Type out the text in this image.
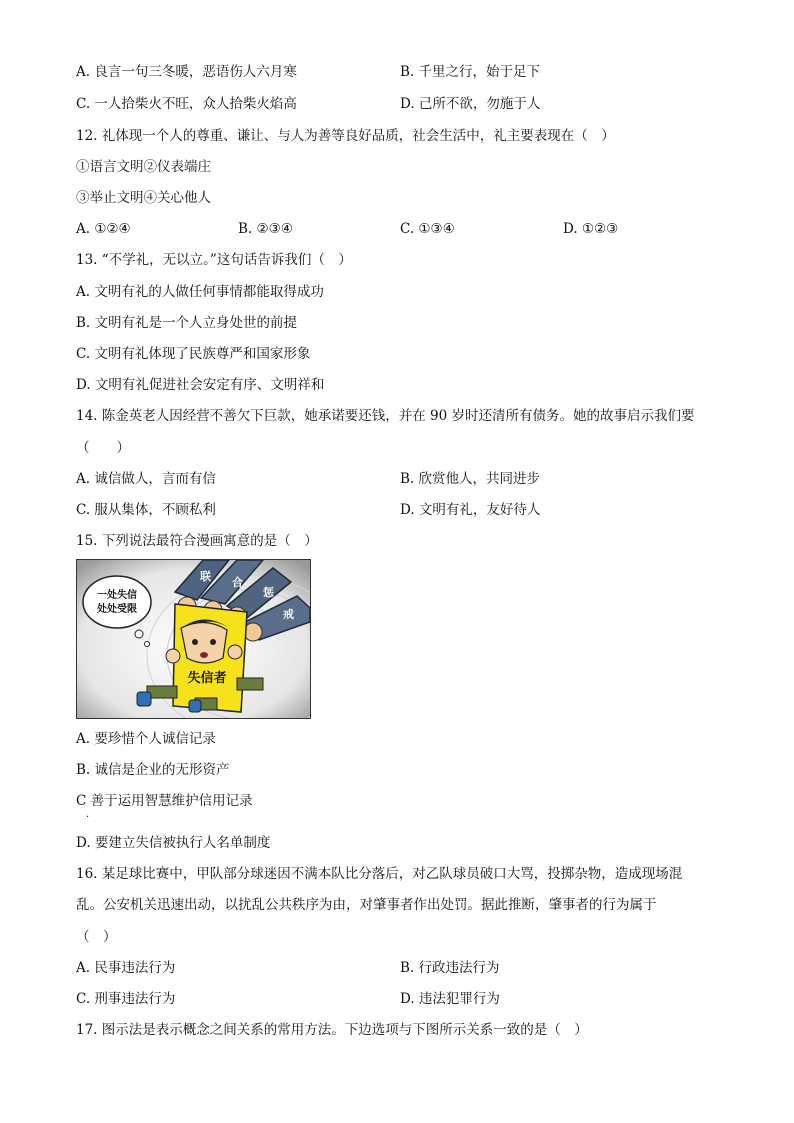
A. 良言一句三冬暖，恶语伤人六月寒	B. 千里之行，始于足下
C. 一人拾柴火不旺，众人拾柴火焰高	D. 己所不欲，勿施于人
12. 礼体现一个人的尊重、谦让、与人为善等良好品质，社会生活中，礼主要表现在（　）
①语言文明②仪表端庄
③举止文明④关心他人
A. ①②④	B. ②③④	C. ①③④	D. ①②③
13. “不学礼，无以立。”这句话告诉我们（　）
A. 文明有礼的人做任何事情都能取得成功
B. 文明有礼是一个人立身处世的前提
C. 文明有礼体现了民族尊严和国家形象
D. 文明有礼促进社会安定有序、文明祥和
14. 陈金英老人因经营不善欠下巨款，她承诺要还钱，并在 90 岁时还清所有债务。她的故事启示我们要
（　　）
A. 诚信做人，言而有信	B. 欣赏他人，共同进步
C. 服从集体，不顾私利	D. 文明有礼，友好待人
15. 下列说法最符合漫画寓意的是（　）
联 合
惩
戒
一处失信
处处受限
失信者
A. 要珍惜个人诚信记录
B. 诚信是企业的无形资产
C 善于运用智慧维护信用记录
·
D. 要建立失信被执行人名单制度
16. 某足球比赛中，甲队部分球迷因不满本队比分落后，对乙队球员破口大骂，投掷杂物，造成现场混
乱。公安机关迅速出动，以扰乱公共秩序为由，对肇事者作出处罚。据此推断，肇事者的行为属于
（　）
A. 民事违法行为	B. 行政违法行为
C. 刑事违法行为	D. 违法犯罪行为
17. 图示法是表示概念之间关系的常用方法。下边选项与下图所示关系一致的是（　）
